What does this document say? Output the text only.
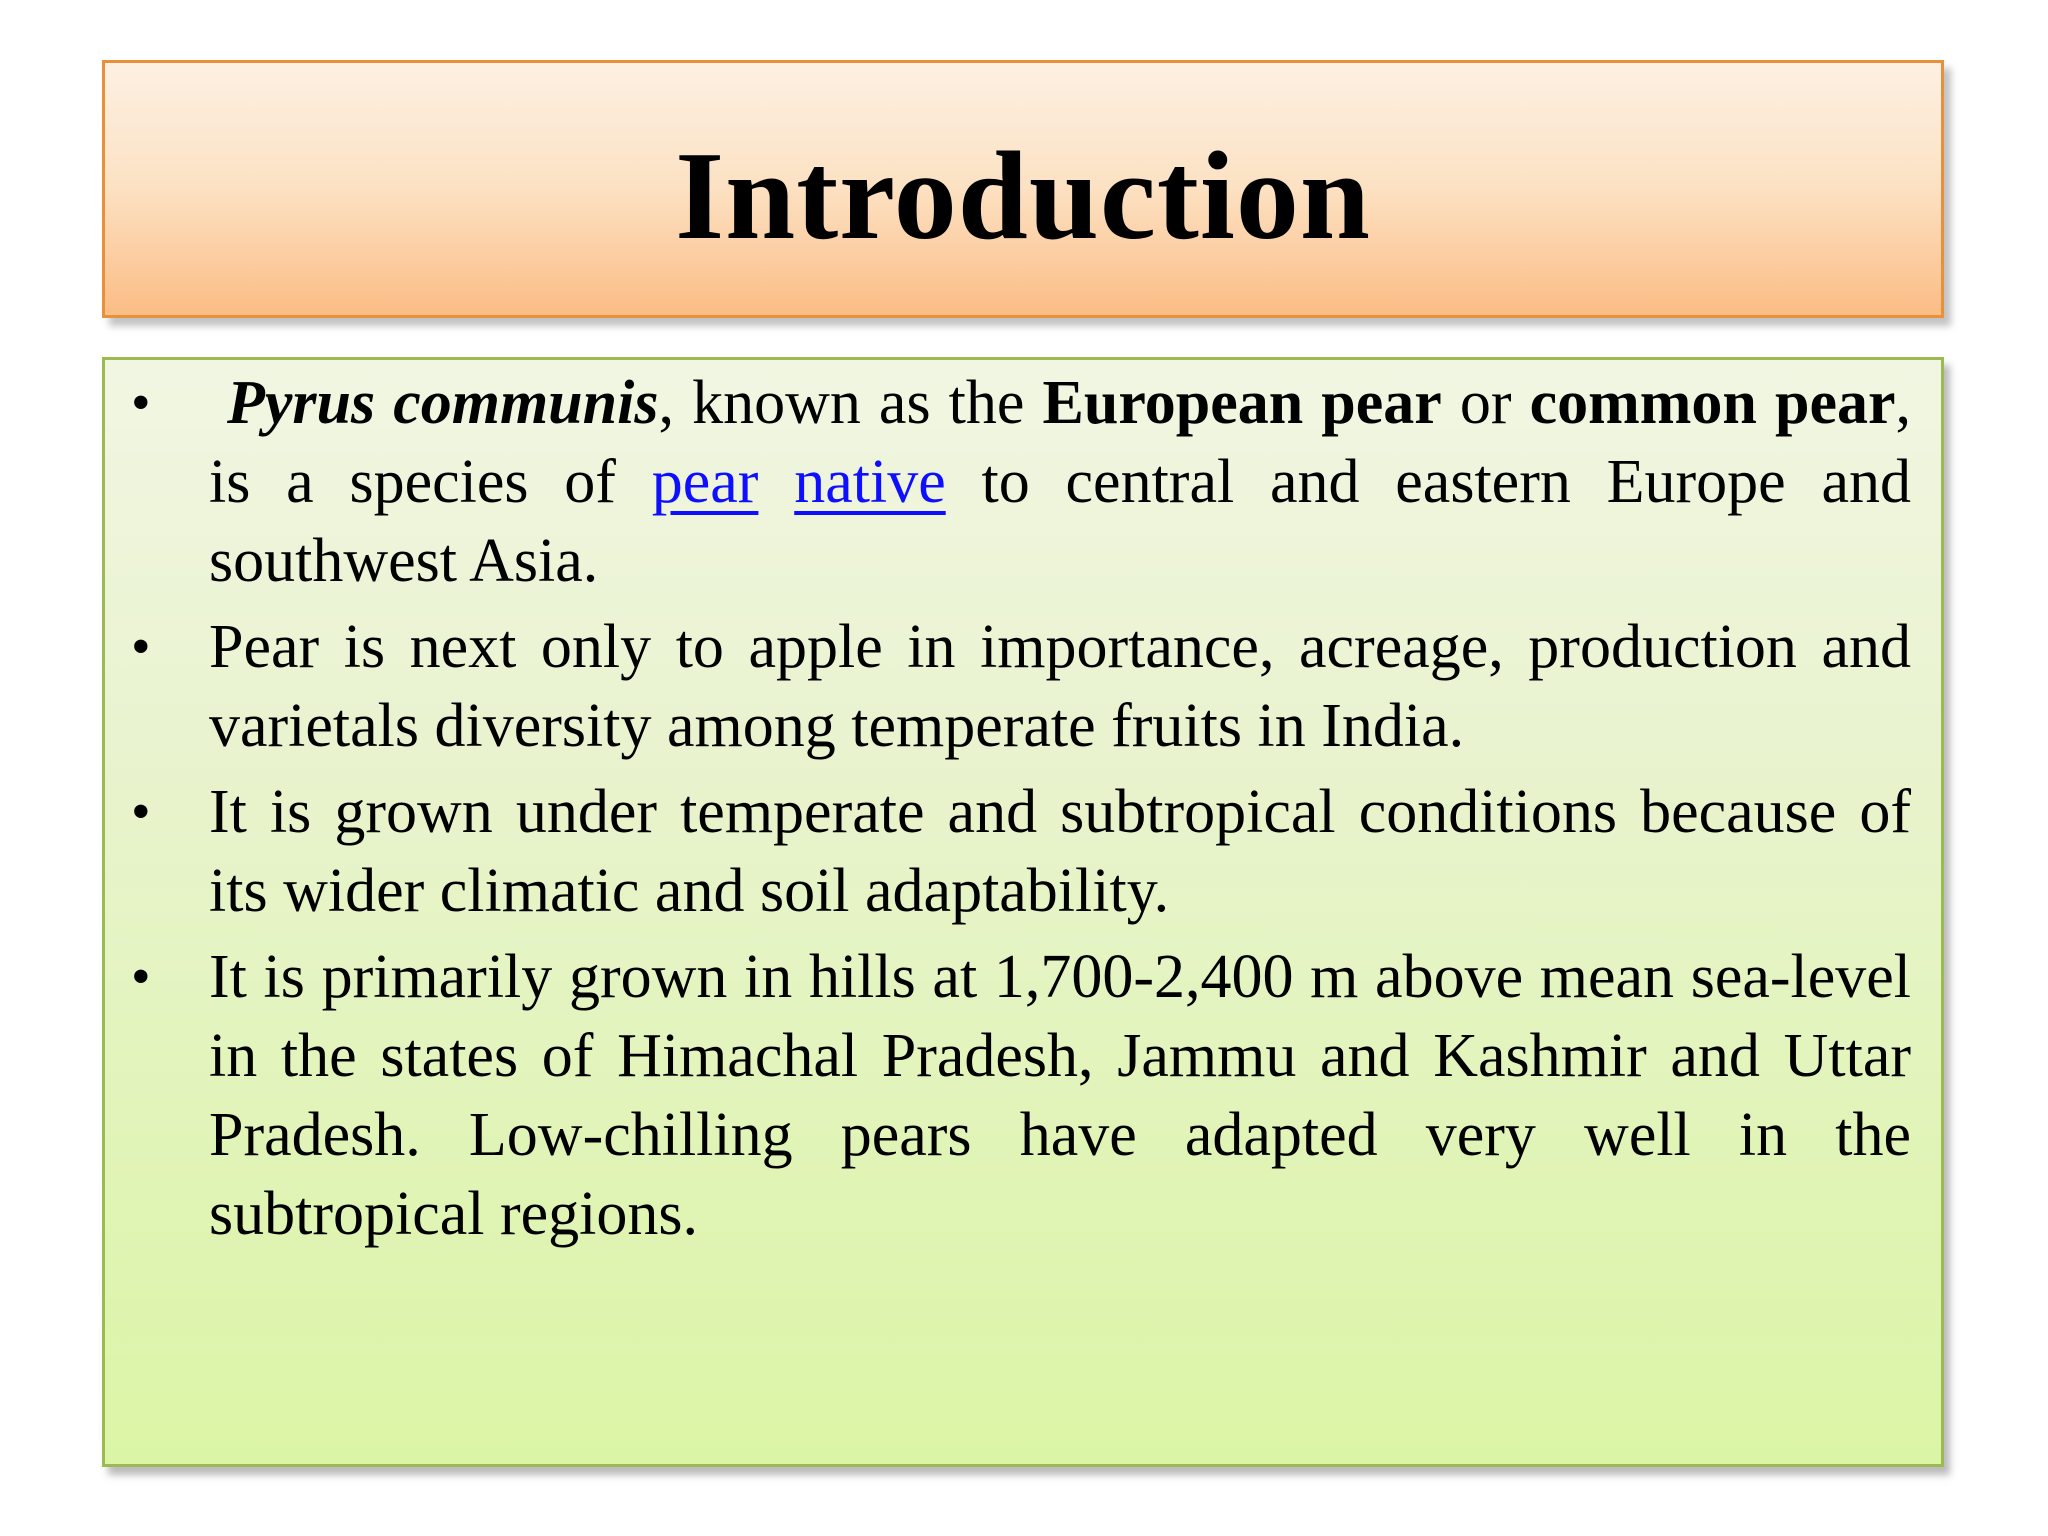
Introduction
• Pyrus communis, known as the European pear or common pear, is a species of pear native to central and eastern Europe and southwest Asia.
• Pear is next only to apple in importance, acreage, production and varietals diversity among temperate fruits in India.
• It is grown under temperate and subtropical conditions because of its wider climatic and soil adaptability.
• It is primarily grown in hills at 1,700-2,400 m above mean sea-level in the states of Himachal Pradesh, Jammu and Kashmir and Uttar Pradesh. Low-chilling pears have adapted very well in the subtropical regions.
